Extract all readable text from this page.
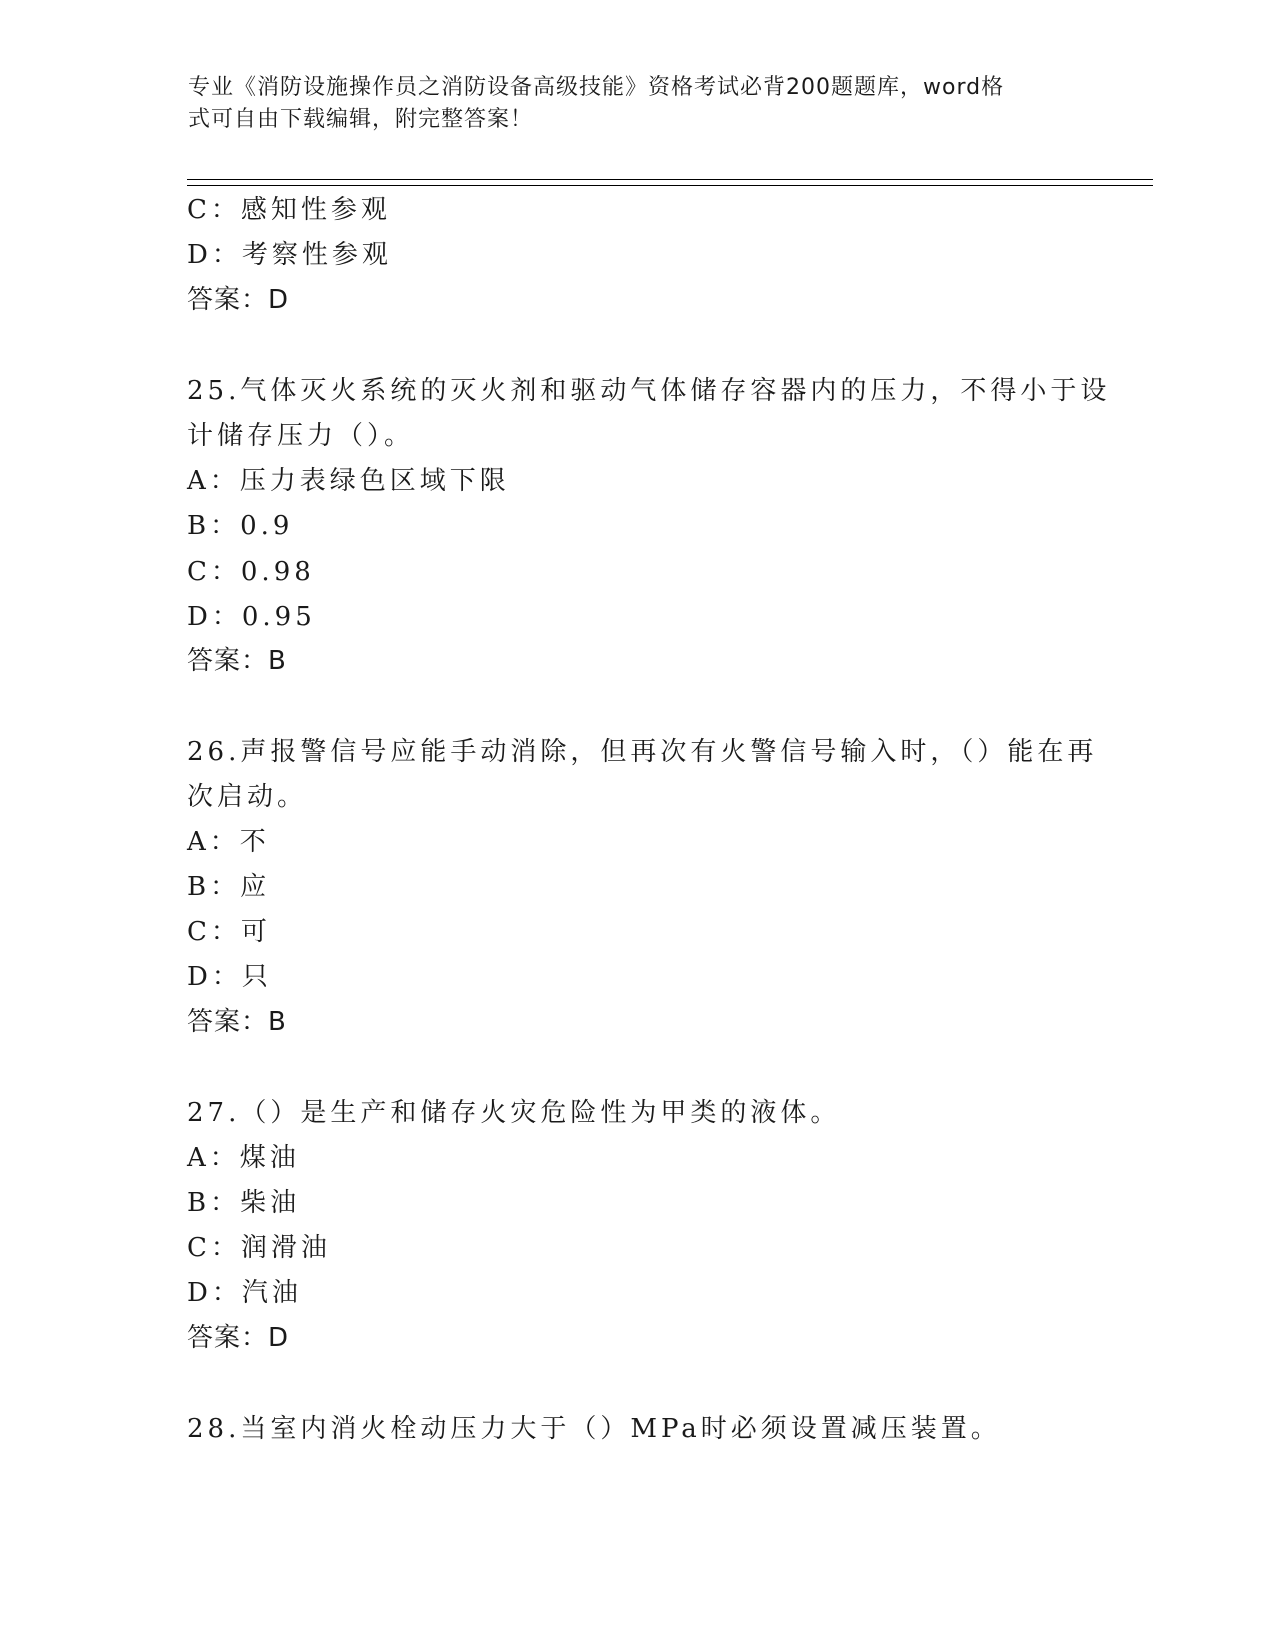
专业《消防设施操作员之消防设备高级技能》资格考试必背200题题库，word格
式可自由下载编辑，附完整答案！
C：感知性参观
D：考察性参观
答案：D
25.气体灭火系统的灭火剂和驱动气体储存容器内的压力，不得小于设
计储存压力（）。
A：压力表绿色区域下限
B：0.9
C：0.98
D：0.95
答案：B
26.声报警信号应能手动消除，但再次有火警信号输入时，（）能在再
次启动。
A：不
B：应
C：可
D：只
答案：B
27.（）是生产和储存火灾危险性为甲类的液体。
A：煤油
B：柴油
C：润滑油
D：汽油
答案：D
28.当室内消火栓动压力大于（）MPa时必须设置减压装置。
